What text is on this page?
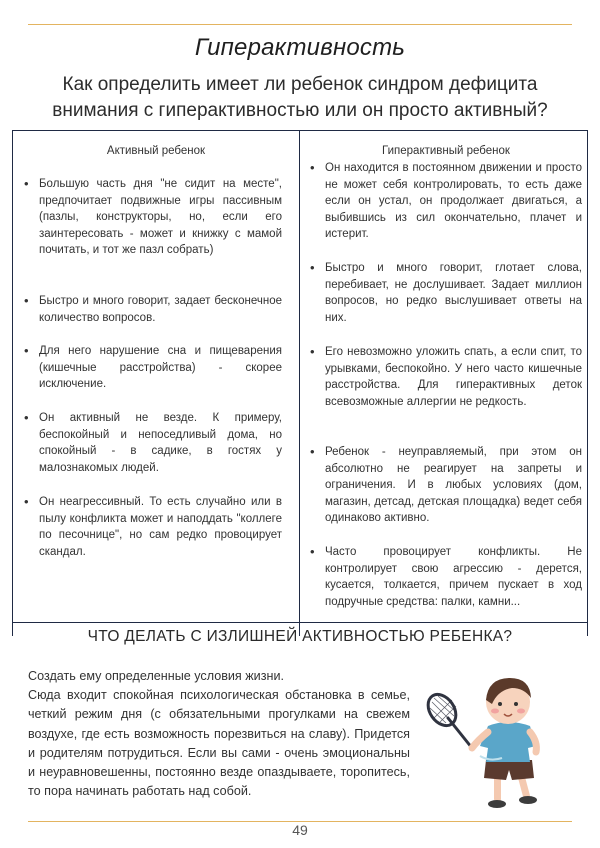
Гиперактивность
Как определить имеет ли ребенок синдром дефицита внимания с гиперактивностью или он просто активный?
Активный ребенок	Гиперактивный ребенок
• Большую часть дня "не сидит на месте", предпочитает подвижные игры пассивным (пазлы, конструкторы, но, если его заинтересовать - может и книжку с мамой почитать, и тот же пазл собрать)
• Быстро и много говорит, задает бесконечное количество вопросов.
• Для него нарушение сна и пищеварения (кишечные расстройства) - скорее исключение.
• Он активный не везде. К примеру, беспокойный и непоседливый дома, но спокойный - в садике, в гостях у малознакомых людей.
• Он неагрессивный. То есть случайно или в пылу конфликта может и наподдать "коллеге по песочнице", но сам редко провоцирует скандал.
• Он находится в постоянном движении и просто не может себя контролировать, то есть даже если он устал, он продолжает двигаться, а выбившись из сил окончательно, плачет и истерит.
• Быстро и много говорит, глотает слова, перебивает, не дослушивает. Задает миллион вопросов, но редко выслушивает ответы на них.
• Его невозможно уложить спать, а если спит, то урывками, беспокойно. У него часто кишечные расстройства. Для гиперактивных деток всевозможные аллергии не редкость.
• Ребенок - неуправляемый, при этом он абсолютно не реагирует на запреты и ограничения. И в любых условиях (дом, магазин, детсад, детская площадка) ведет себя одинаково активно.
• Часто провоцирует конфликты. Не контролирует свою агрессию - дерется, кусается, толкается, причем пускает в ход подручные средства: палки, камни...
ЧТО ДЕЛАТЬ С ИЗЛИШНЕЙ АКТИВНОСТЬЮ РЕБЕНКА?

Создать ему определенные условия жизни.

Сюда входит спокойная психологическая обстановка в семье, четкий режим дня (с обязательными прогулками на свежем воздухе, где есть возможность порезвиться на славу). Придется и родителям потрудиться. Если вы сами - очень эмоциональны и неуравновешенны, постоянно везде опаздываете, торопитесь, то пора начинать работать над собой.

49
